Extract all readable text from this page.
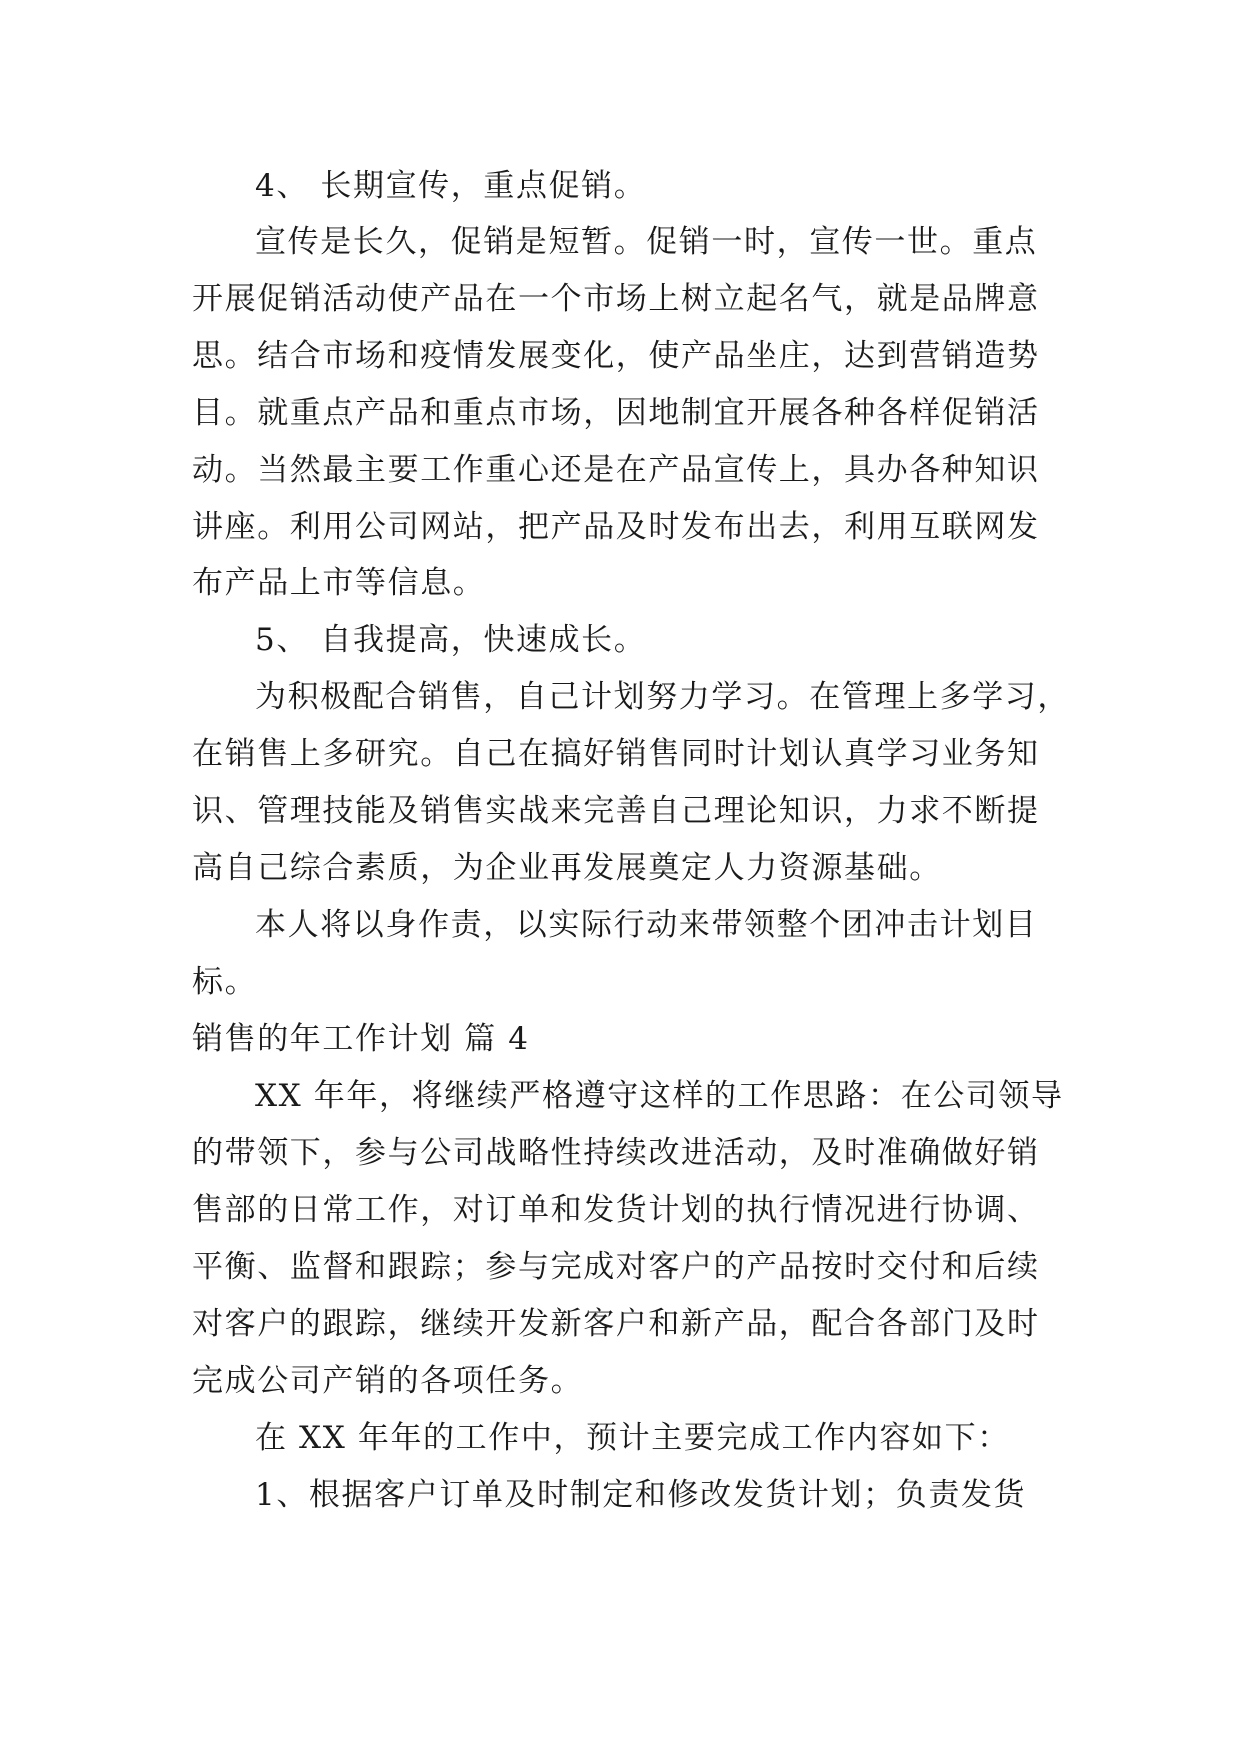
4、 长期宣传，重点促销。
宣传是长久，促销是短暂。促销一时，宣传一世。重点
开展促销活动使产品在一个市场上树立起名气，就是品牌意
思。结合市场和疫情发展变化，使产品坐庄，达到营销造势
目。就重点产品和重点市场，因地制宜开展各种各样促销活
动。当然最主要工作重心还是在产品宣传上，具办各种知识
讲座。利用公司网站，把产品及时发布出去，利用互联网发
布产品上市等信息。
5、 自我提高，快速成长。
为积极配合销售，自己计划努力学习。在管理上多学习，
在销售上多研究。自己在搞好销售同时计划认真学习业务知
识、管理技能及销售实战来完善自己理论知识，力求不断提
高自己综合素质，为企业再发展奠定人力资源基础。
本人将以身作责，以实际行动来带领整个团冲击计划目
标。
销售的年工作计划 篇 4
XX 年年，将继续严格遵守这样的工作思路：在公司领导
的带领下，参与公司战略性持续改进活动，及时准确做好销
售部的日常工作，对订单和发货计划的执行情况进行协调、
平衡、监督和跟踪；参与完成对客户的产品按时交付和后续
对客户的跟踪，继续开发新客户和新产品，配合各部门及时
完成公司产销的各项任务。
在 XX 年年的工作中，预计主要完成工作内容如下：
1、根据客户订单及时制定和修改发货计划；负责发货
